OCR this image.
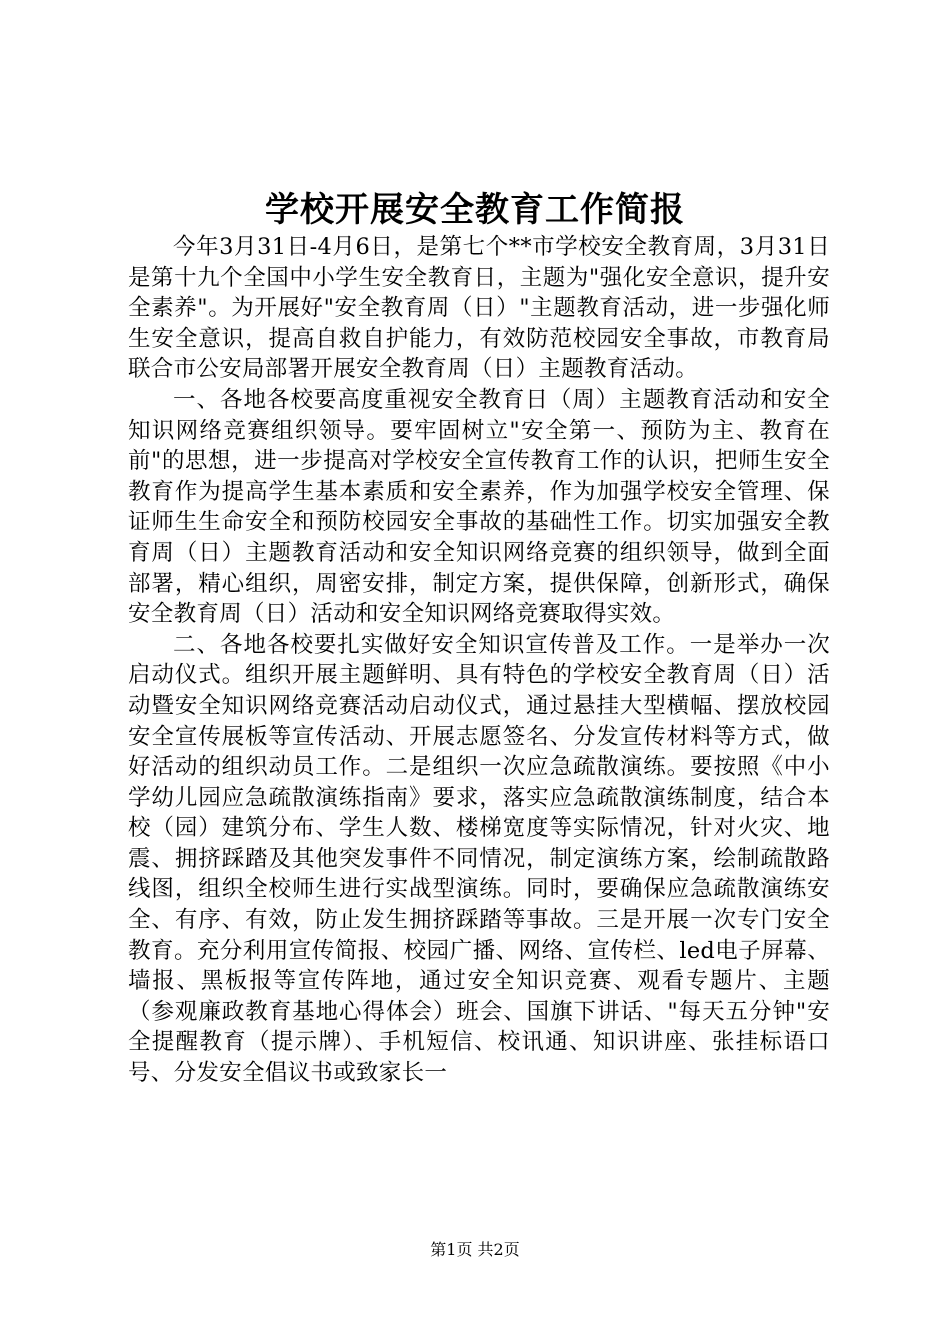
学校开展安全教育工作简报

今年3月31日-4月6日，是第七个**市学校安全教育周，3月31日是第十九个全国中小学生安全教育日，主题为"强化安全意识，提升安全素养"。为开展好"安全教育周（日）"主题教育活动，进一步强化师生安全意识，提高自救自护能力，有效防范校园安全事故，市教育局联合市公安局部署开展安全教育周（日）主题教育活动。

一、各地各校要高度重视安全教育日（周）主题教育活动和安全知识网络竞赛组织领导。要牢固树立"安全第一、预防为主、教育在前"的思想，进一步提高对学校安全宣传教育工作的认识，把师生安全教育作为提高学生基本素质和安全素养，作为加强学校安全管理、保证师生生命安全和预防校园安全事故的基础性工作。切实加强安全教育周（日）主题教育活动和安全知识网络竞赛的组织领导，做到全面部署，精心组织，周密安排，制定方案，提供保障，创新形式，确保安全教育周（日）活动和安全知识网络竞赛取得实效。

二、各地各校要扎实做好安全知识宣传普及工作。一是举办一次启动仪式。组织开展主题鲜明、具有特色的学校安全教育周（日）活动暨安全知识网络竞赛活动启动仪式，通过悬挂大型横幅、摆放校园安全宣传展板等宣传活动、开展志愿签名、分发宣传材料等方式，做好活动的组织动员工作。二是组织一次应急疏散演练。要按照《中小学幼儿园应急疏散演练指南》要求，落实应急疏散演练制度，结合本校（园）建筑分布、学生人数、楼梯宽度等实际情况，针对火灾、地震、拥挤踩踏及其他突发事件不同情况，制定演练方案，绘制疏散路线图，组织全校师生进行实战型演练。同时，要确保应急疏散演练安全、有序、有效，防止发生拥挤踩踏等事故。三是开展一次专门安全教育。充分利用宣传简报、校园广播、网络、宣传栏、led电子屏幕、墙报、黑板报等宣传阵地，通过安全知识竞赛、观看专题片、主题（参观廉政教育基地心得体会）班会、国旗下讲话、"每天五分钟"安全提醒教育（提示牌）、手机短信、校讯通、知识讲座、张挂标语口号、分发安全倡议书或致家长一

第1页 共2页
